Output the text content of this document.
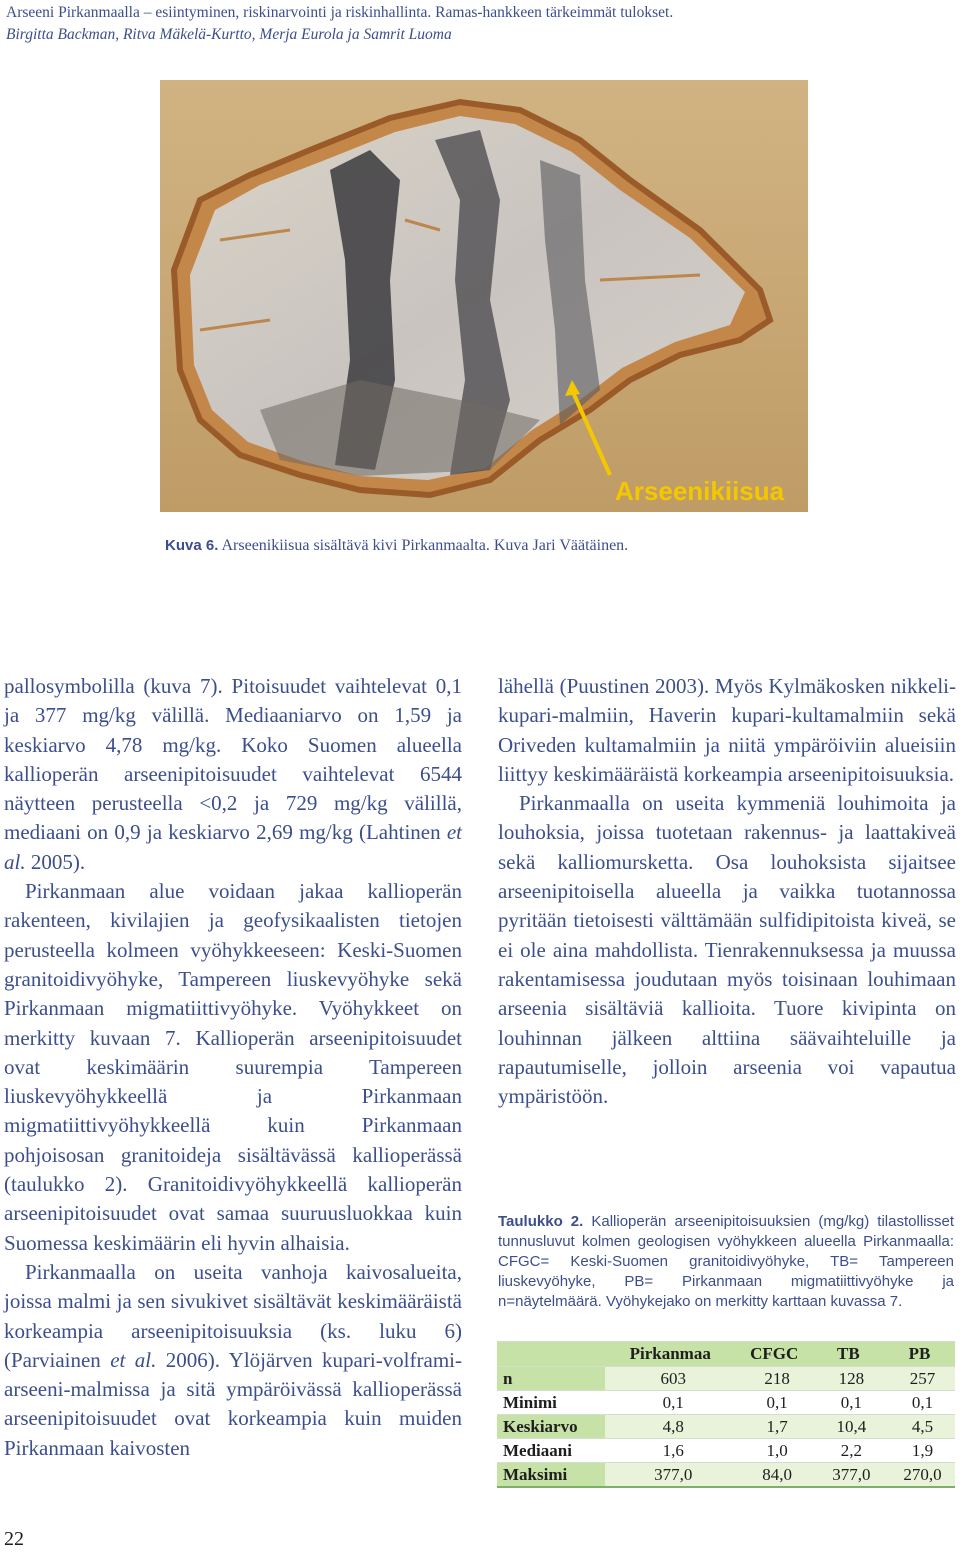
Arseeni Pirkanmaalla – esiintyminen, riskinarvointi ja riskinhallinta. Ramas-hankkeen tärkeimmät tulokset.
Birgitta Backman, Ritva Mäkelä-Kurtto, Merja Eurola ja Samrit Luoma
Arseenikiisua
Kuva 6. Arseenikiisua sisältävä kivi Pirkanmaalta. Kuva Jari Väätäinen.

pallosymbolilla (kuva 7). Pitoisuudet vaihtelevat 0,1 ja 377 mg/kg välillä. Mediaaniarvo on 1,59 ja keskiarvo 4,78 mg/kg. Koko Suomen alueella kallioperän arseenipitoisuudet vaihtelevat 6544 näytteen perusteella <0,2 ja 729 mg/kg välillä, mediaani on 0,9 ja keskiarvo 2,69 mg/kg (Lahtinen et al. 2005).

Pirkanmaan alue voidaan jakaa kallioperän rakenteen, kivilajien ja geofysikaalisten tietojen perusteella kolmeen vyöhykkeeseen: Keski-Suomen granitoidivyöhyke, Tampereen liuskevyöhyke sekä Pirkanmaan migmatiittivyöhyke. Vyöhykkeet on merkitty kuvaan 7. Kallioperän arseenipitoisuudet ovat keskimäärin suurempia Tampereen liuskevyöhykkeellä ja Pirkanmaan migmatiittivyöhykkeellä kuin Pirkanmaan pohjoisosan granitoideja sisältävässä kallioperässä (taulukko 2). Granitoidivyöhykkeellä kallioperän arseenipitoisuudet ovat samaa suuruusluokkaa kuin Suomessa keskimäärin eli hyvin alhaisia.

Pirkanmaalla on useita vanhoja kaivosalueita, joissa malmi ja sen sivukivet sisältävät keskimääräistä korkeampia arseenipitoisuuksia (ks. luku 6) (Parviainen et al. 2006). Ylöjärven kupari-volframi-arseeni-malmissa ja sitä ympäröivässä kallioperässä arseenipitoisuudet ovat korkeampia kuin muiden Pirkanmaan kaivosten

lähellä (Puustinen 2003). Myös Kylmäkosken nikkeli-kupari-malmiin, Haverin kupari-kultamalmiin sekä Oriveden kultamalmiin ja niitä ympäröiviin alueisiin liittyy keskimääräistä korkeampia arseenipitoisuuksia.

Pirkanmaalla on useita kymmeniä louhimoita ja louhoksia, joissa tuotetaan rakennus- ja laattakiveä sekä kalliomursketta. Osa louhoksista sijaitsee arseenipitoisella alueella ja vaikka tuotannossa pyritään tietoisesti välttämään sulfidipitoista kiveä, se ei ole aina mahdollista. Tienrakennuksessa ja muussa rakentamisessa joudutaan myös toisinaan louhimaan arseenia sisältäviä kallioita. Tuore kivipinta on louhinnan jälkeen alttiina säävaihteluille ja rapautumiselle, jolloin arseenia voi vapautua ympäristöön.

Taulukko 2. Kallioperän arseenipitoisuuksien (mg/kg) tilastollisset tunnusluvut kolmen geologisen vyöhykkeen alueella Pirkanmaalla: CFGC= Keski-Suomen granitoidivyöhyke, TB= Tampereen liuskevyöhyke, PB= Pirkanmaan migmatiittivyöhyke ja n=näytelmäärä. Vyöhykejako on merkitty karttaan kuvassa 7.
	Pirkanmaa	CFGC	TB	PB
n	603	218	128	257
Minimi	0,1	0,1	0,1	0,1
Keskiarvo	4,8	1,7	10,4	4,5
Mediaani	1,6	1,0	2,2	1,9
Maksimi	377,0	84,0	377,0	270,0
22
